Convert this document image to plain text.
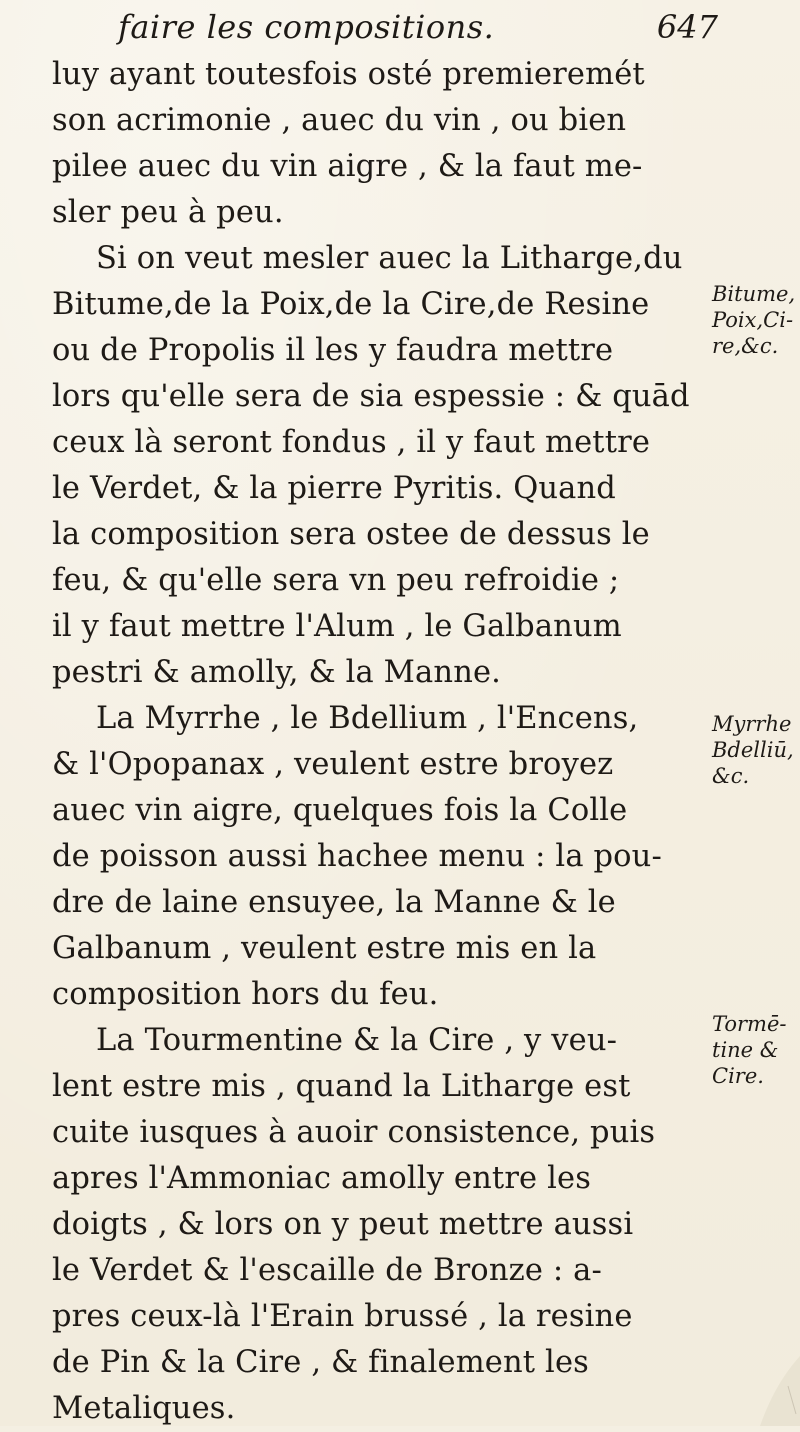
faire les compositions.	647
luy ayant toutesfois osté premieremét
son acrimonie , auec du vin , ou bien
pilee auec du vin aigre , & la faut me-
sler peu à peu.
Si on veut mesler auec la Litharge,du
Bitume,de la Poix,de la Cire,de Resine
ou de Propolis il les y faudra mettre
lors qu'elle sera de sia espessie : & quād
ceux là seront fondus , il y faut mettre
le Verdet, & la pierre Pyritis. Quand
la composition sera ostee de dessus le
feu, & qu'elle sera vn peu refroidie ;
il y faut mettre l'Alum , le Galbanum
pestri & amolly, & la Manne.
La Myrrhe , le Bdellium , l'Encens,
& l'Opopanax , veulent estre broyez
auec vin aigre, quelques fois la Colle
de poisson aussi hachee menu : la pou-
dre de laine ensuyee, la Manne & le
Galbanum , veulent estre mis en la
composition hors du feu.
La Tourmentine & la Cire , y veu-
lent estre mis , quand la Litharge est
cuite iusques à auoir consistence, puis
apres l'Ammoniac amolly entre les
doigts , & lors on y peut mettre aussi
le Verdet & l'escaille de Bronze : a-
pres ceux-là l'Erain brussé , la resine
de Pin & la Cire , & finalement les
Metaliques.
Bitume,
Poix,Ci-
re,&c.
Myrrhe
Bdelliū,
&c.
Tormē-
tine &
Cire.
